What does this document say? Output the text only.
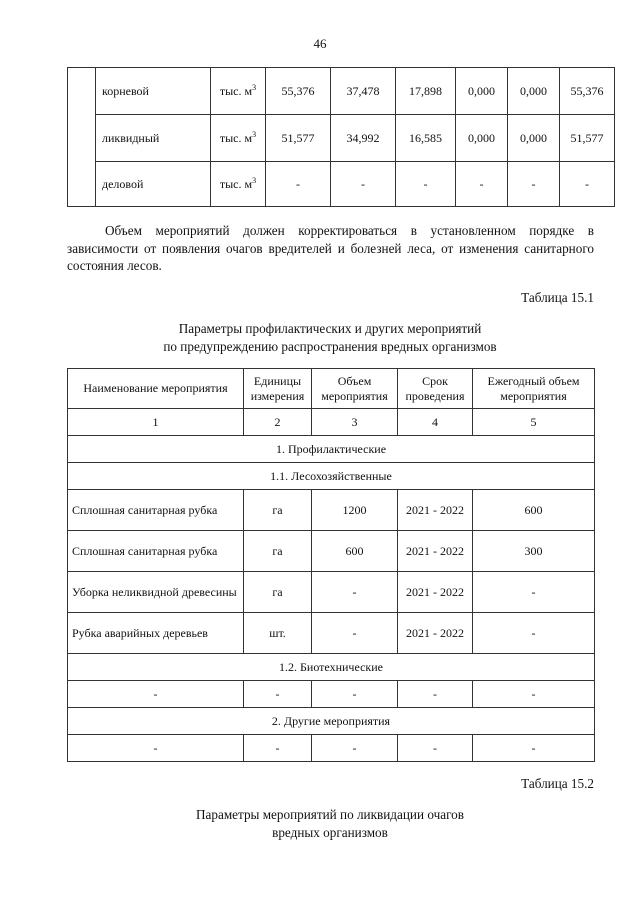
46
	корневой	тыс. $м^3$	55,376	37,478	17,898	0,000	0,000	55,376
	ликвидный	тыс. $м^3$	51,577	34,992	16,585	0,000	0,000	51,577
	деловой	тыс. $м^3$	-	-	-	-	-	-
Объем мероприятий должен корректироваться в установленном порядке в зависимости от появления очагов вредителей и болезней леса, от изменения санитарного состояния лесов.
Таблица 15.1
Параметры профилактических и других мероприятий
по предупреждению распространения вредных организмов
Наименование мероприятия	Единицы измерения	Объем мероприятия	Срок проведения	Ежегодный объем мероприятия
1	2	3	4	5
1. Профилактические				
1.1. Лесохозяйственные				
Сплошная санитарная рубка	га	1200	2021 - 2022	600
Сплошная санитарная рубка	га	600	2021 - 2022	300
Уборка неликвидной древесины	га	-	2021 - 2022	-
Рубка аварийных деревьев	шт.	-	2021 - 2022	-
1.2. Биотехнические				
-	-	-	-	-
2. Другие мероприятия				
-	-	-	-	-
Таблица 15.2
Параметры мероприятий по ликвидации очагов
вредных организмов
